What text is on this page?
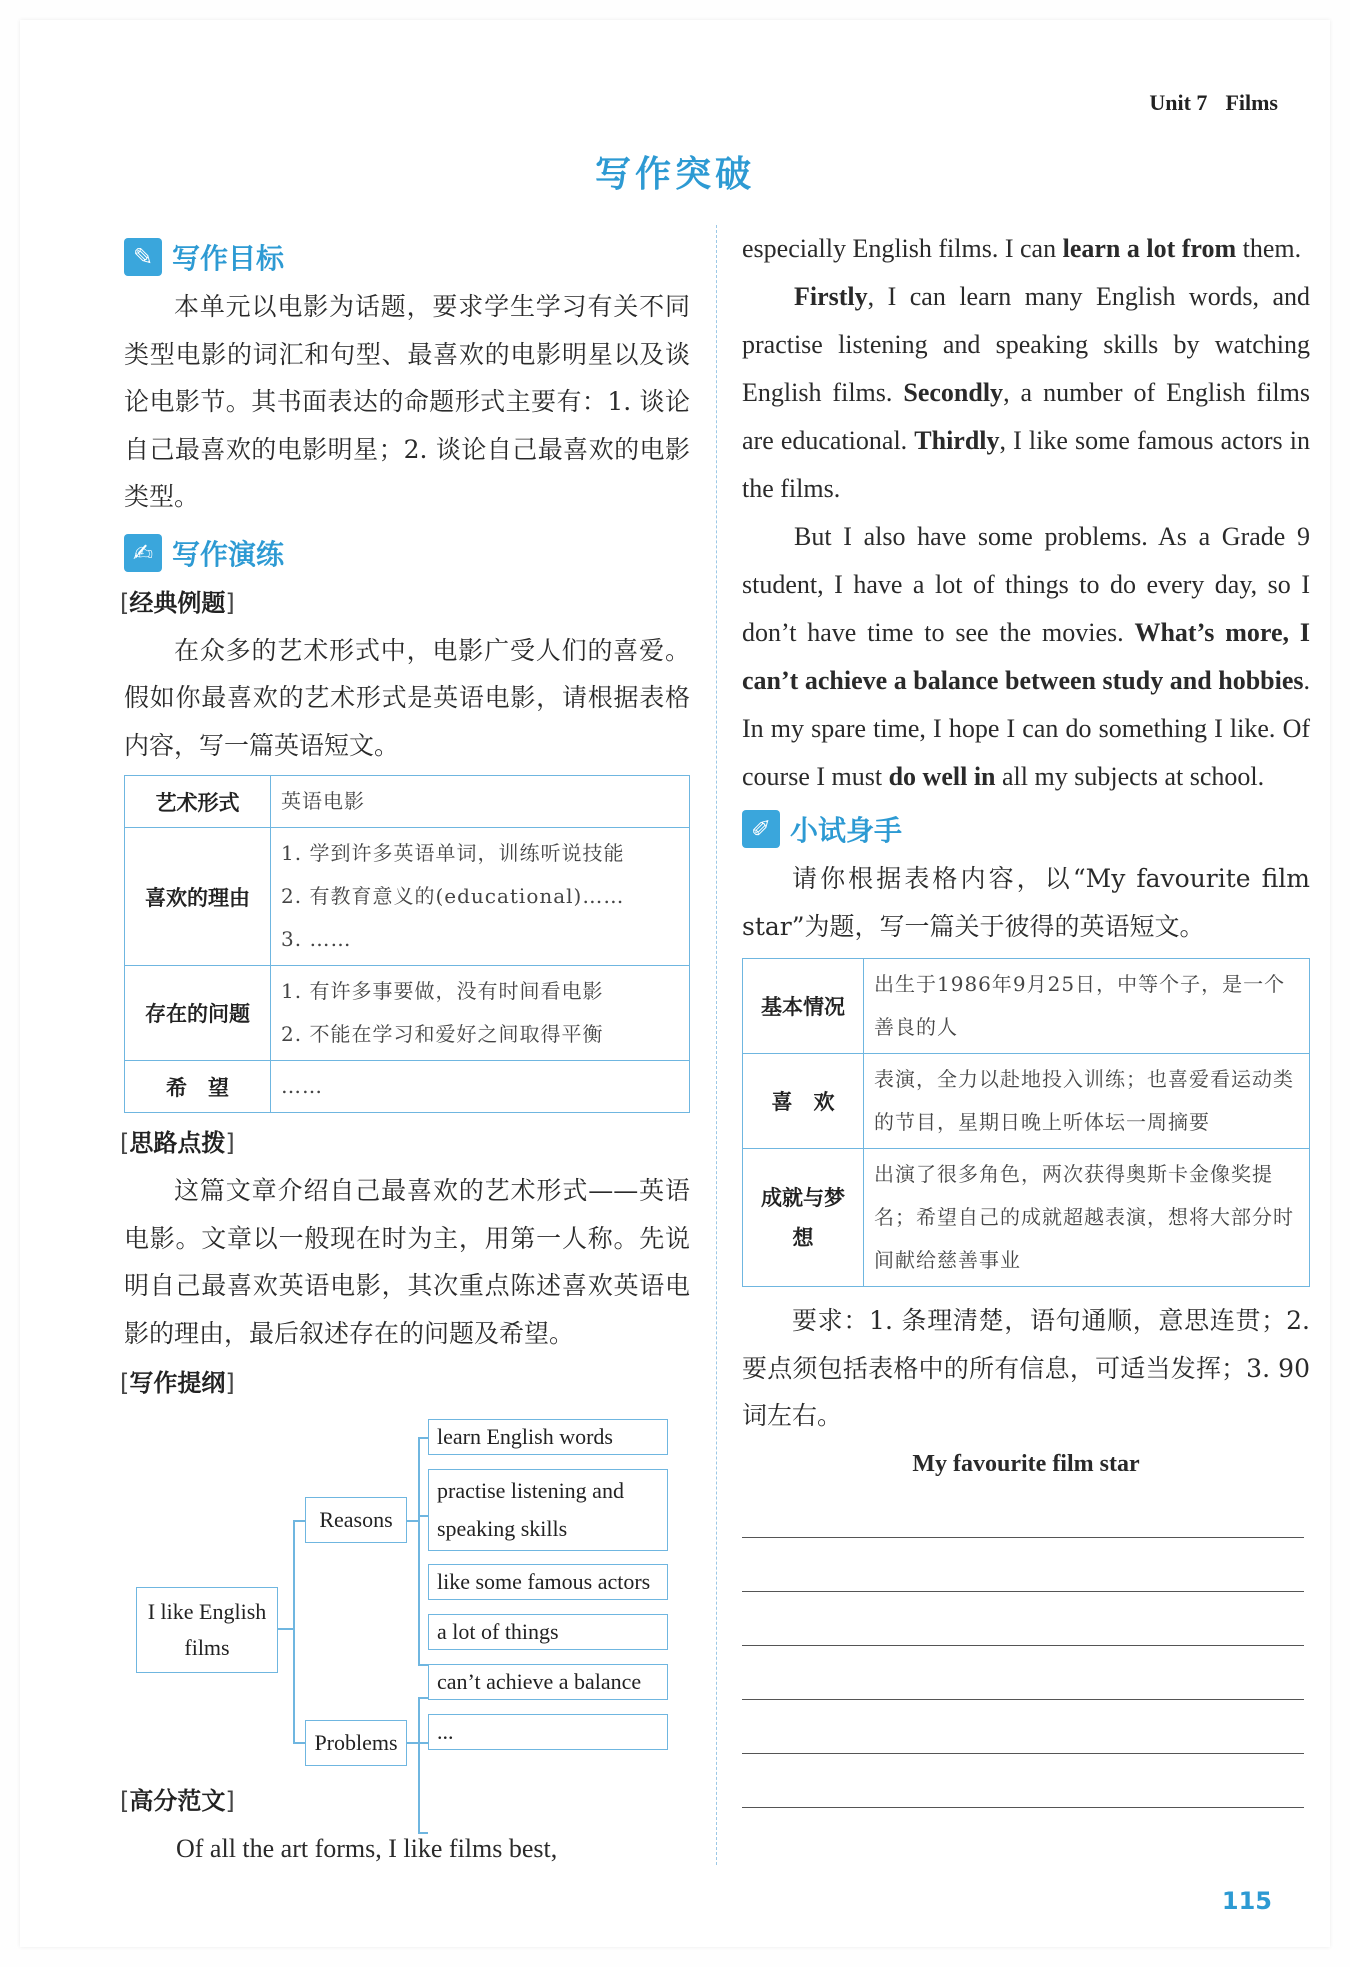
Unit 7 Films
写作突破
✎ 写作目标

本单元以电影为话题，要求学生学习有关不同类型电影的词汇和句型、最喜欢的电影明星以及谈论电影节。其书面表达的命题形式主要有：1. 谈论自己最喜欢的电影明星；2. 谈论自己最喜欢的电影类型。

✍ 写作演练
[经典例题]

在众多的艺术形式中，电影广受人们的喜爱。假如你最喜欢的艺术形式是英语电影，请根据表格内容，写一篇英语短文。

艺术形式	英语电影
喜欢的理由	1. 学到许多英语单词，训练听说技能
2. 有教育意义的(educational)……
3. ……

存在的问题	1. 有许多事要做，没有时间看电影
2. 不能在学习和爱好之间取得平衡

希　望	……
[思路点拨]

这篇文章介绍自己最喜欢的艺术形式——英语电影。文章以一般现在时为主，用第一人称。先说明自己最喜欢英语电影，其次重点陈述喜欢英语电影的理由，最后叙述存在的问题及希望。

[写作提纲]
I like English films
Reasons
Problems
learn English words
practise listening and speaking skills
like some famous actors
a lot of things
can’t achieve a balance
...
[高分范文]

Of all the art forms, I like films best,

especially English films. I can learn a lot from them.

Firstly, I can learn many English words, and practise listening and speaking skills by watching English films. Secondly, a number of English films are educational. Thirdly, I like some famous actors in the films.

But I also have some problems. As a Grade 9 student, I have a lot of things to do every day, so I don’t have time to see the movies. What’s more, I can’t achieve a balance between study and hobbies. In my spare time, I hope I can do something I like. Of course I must do well in all my subjects at school.

✐ 小试身手

请你根据表格内容，以“My favourite film star”为题，写一篇关于彼得的英语短文。

基本情况	出生于1986年9月25日，中等个子，是一个善良的人
喜　欢	表演，全力以赴地投入训练；也喜爱看运动类的节目，星期日晚上听体坛一周摘要
成就与梦想	出演了很多角色，两次获得奥斯卡金像奖提名；希望自己的成就超越表演，想将大部分时间献给慈善事业

要求：1. 条理清楚，语句通顺，意思连贯；2. 要点须包括表格中的所有信息，可适当发挥；3. 90词左右。

My favourite film star
115
